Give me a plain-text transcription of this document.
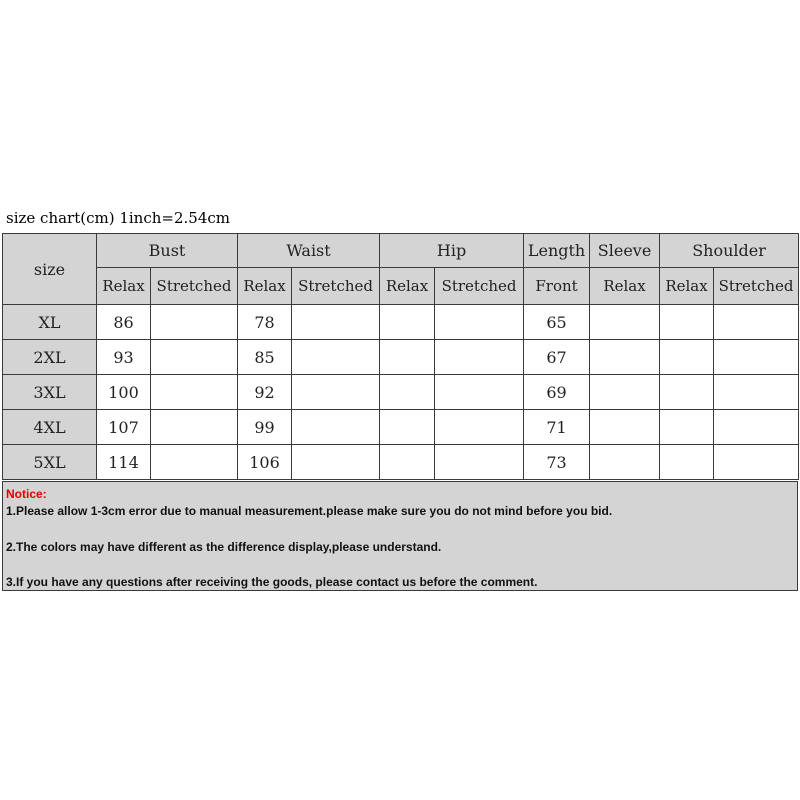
size chart(cm) 1inch=2.54cm
size	Bust		Waist		Hip		Length	Sleeve	Shoulder	
	Relax	Stretched	Relax	Stretched	Relax	Stretched	Front	Relax	Relax	Stretched
XL	86		78				65			
2XL	93		85				67			
3XL	100		92				69			
4XL	107		99				71			
5XL	114		106				73			
Notice:
1.Please allow 1-3cm error due to manual measurement.please make sure you do not mind before you bid.
2.The colors may have different as the difference display,please understand.
3.If you have any questions after receiving the goods, please contact us before the comment.
